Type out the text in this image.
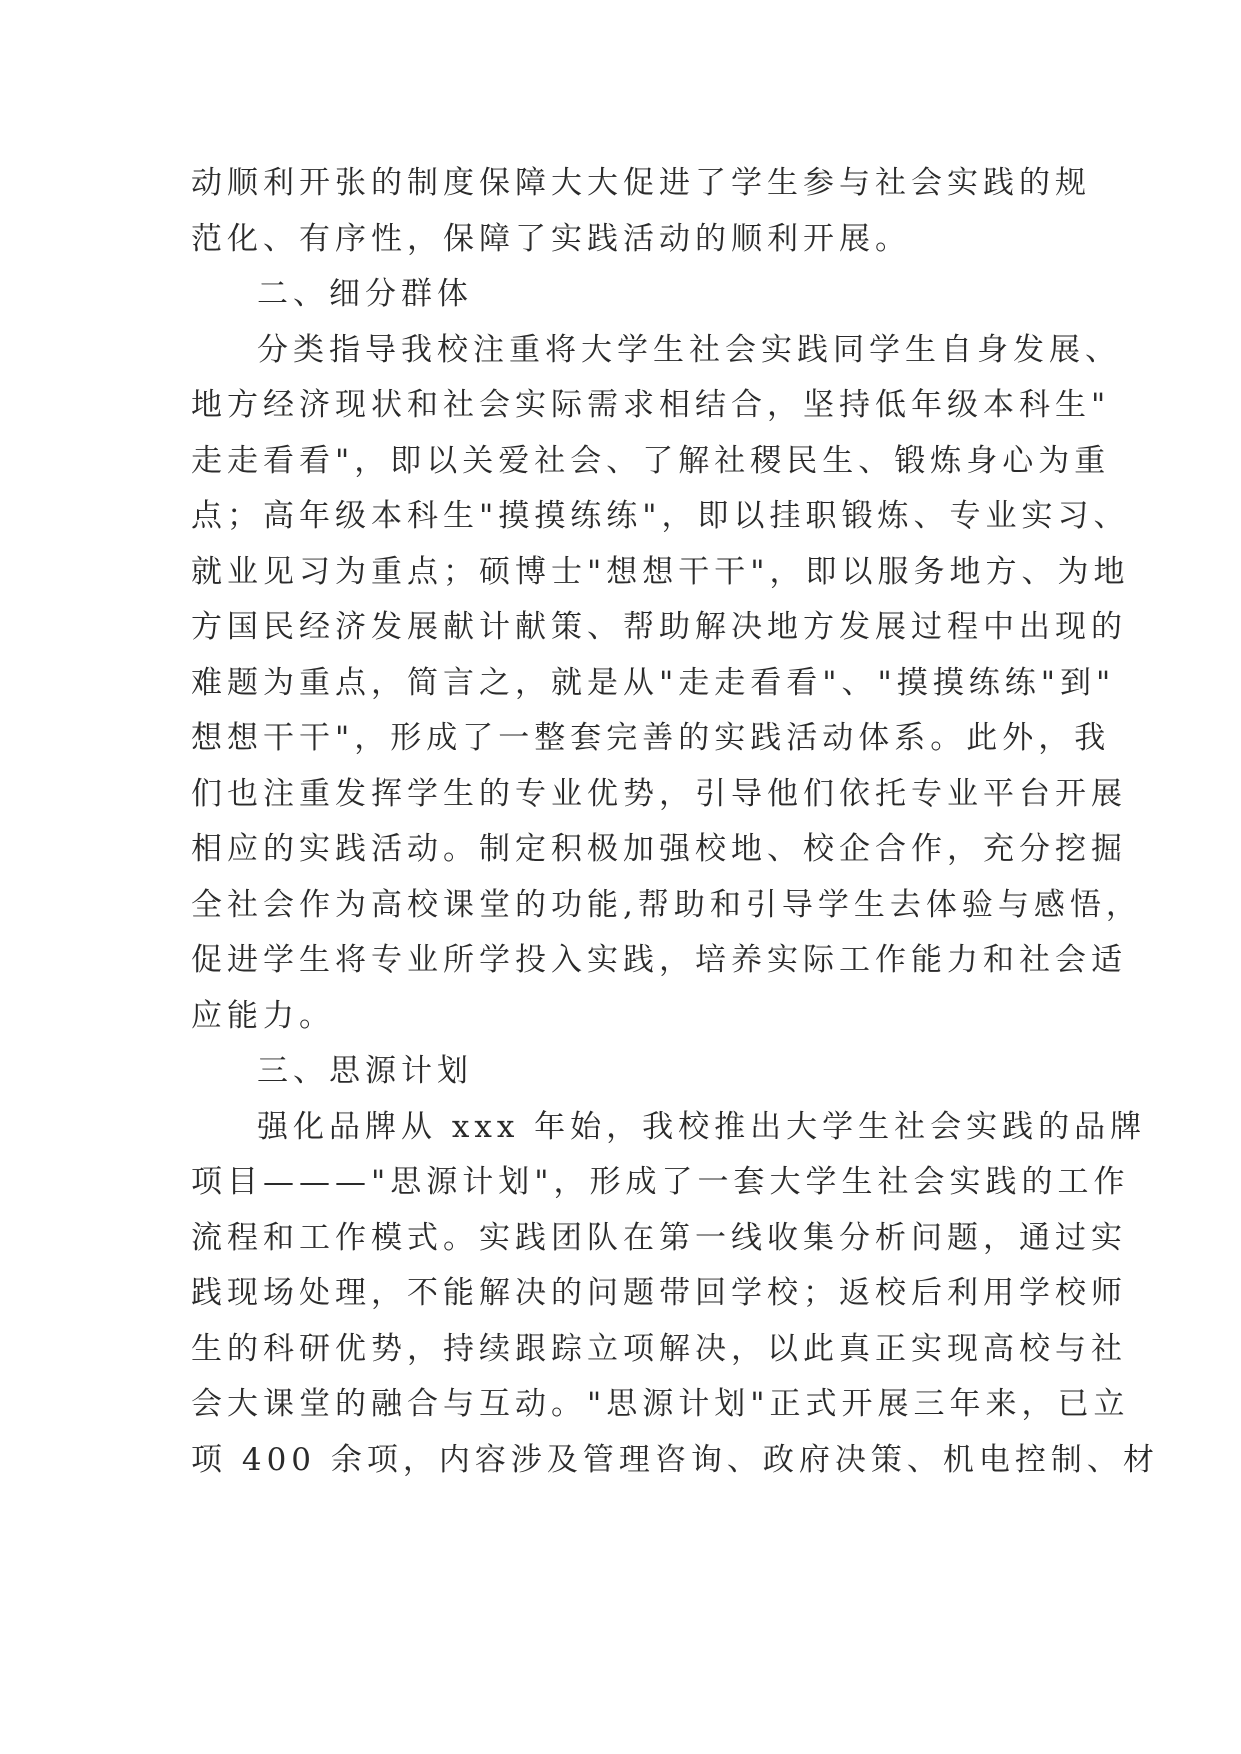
动顺利开张的制度保障大大促进了学生参与社会实践的规
范化、有序性，保障了实践活动的顺利开展。
二、细分群体
分类指导我校注重将大学生社会实践同学生自身发展、
地方经济现状和社会实际需求相结合，坚持低年级本科生"
走走看看"，即以关爱社会、了解社稷民生、锻炼身心为重
点；高年级本科生"摸摸练练"，即以挂职锻炼、专业实习、
就业见习为重点；硕博士"想想干干"，即以服务地方、为地
方国民经济发展献计献策、帮助解决地方发展过程中出现的
难题为重点，简言之，就是从"走走看看"、"摸摸练练"到"
想想干干"，形成了一整套完善的实践活动体系。此外，我
们也注重发挥学生的专业优势，引导他们依托专业平台开展
相应的实践活动。制定积极加强校地、校企合作，充分挖掘
全社会作为高校课堂的功能,帮助和引导学生去体验与感悟，
促进学生将专业所学投入实践，培养实际工作能力和社会适
应能力。
三、思源计划
强化品牌从 xxx 年始，我校推出大学生社会实践的品牌
项目———"思源计划"，形成了一套大学生社会实践的工作
流程和工作模式。实践团队在第一线收集分析问题，通过实
践现场处理，不能解决的问题带回学校；返校后利用学校师
生的科研优势，持续跟踪立项解决，以此真正实现高校与社
会大课堂的融合与互动。"思源计划"正式开展三年来，已立
项 400 余项，内容涉及管理咨询、政府决策、机电控制、材
